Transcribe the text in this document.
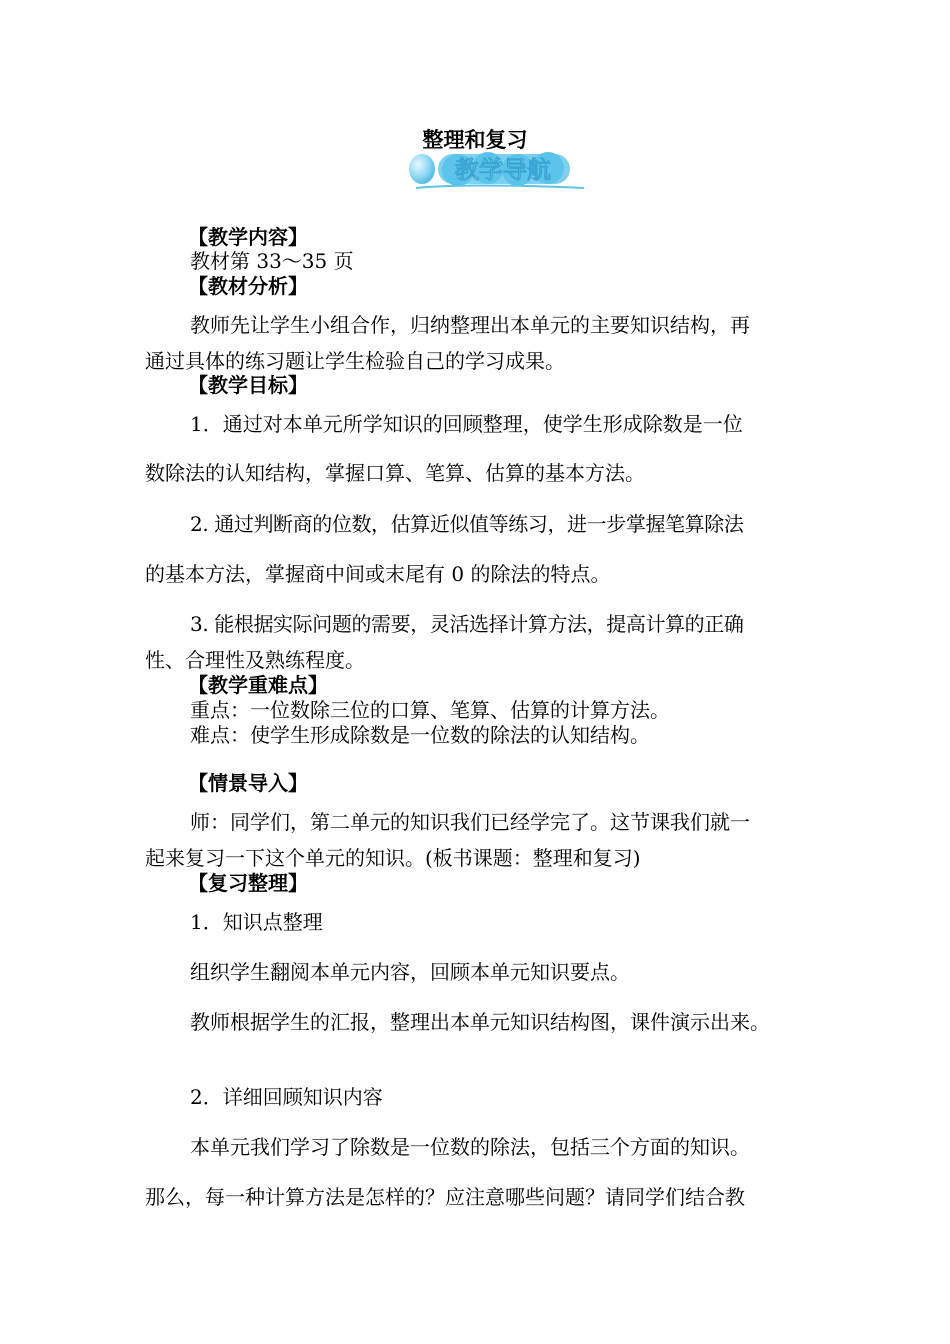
整理和复习
教学导航
【教学内容】
教材第 33～35 页
【教材分析】
教师先让学生小组合作，归纳整理出本单元的主要知识结构，再
通过具体的练习题让学生检验自己的学习成果。
【教学目标】
1．通过对本单元所学知识的回顾整理，使学生形成除数是一位
数除法的认知结构，掌握口算、笔算、估算的基本方法。
2. 通过判断商的位数，估算近似值等练习，进一步掌握笔算除法
的基本方法，掌握商中间或末尾有 0 的除法的特点。
3. 能根据实际问题的需要，灵活选择计算方法，提高计算的正确
性、合理性及熟练程度。
【教学重难点】
重点：一位数除三位的口算、笔算、估算的计算方法。
难点：使学生形成除数是一位数的除法的认知结构。
【情景导入】
师：同学们，第二单元的知识我们已经学完了。这节课我们就一
起来复习一下这个单元的知识。(板书课题：整理和复习)
【复习整理】
1．知识点整理
组织学生翻阅本单元内容，回顾本单元知识要点。
教师根据学生的汇报，整理出本单元知识结构图，课件演示出来。
2．详细回顾知识内容
本单元我们学习了除数是一位数的除法，包括三个方面的知识。
那么，每一种计算方法是怎样的？应注意哪些问题？请同学们结合教
